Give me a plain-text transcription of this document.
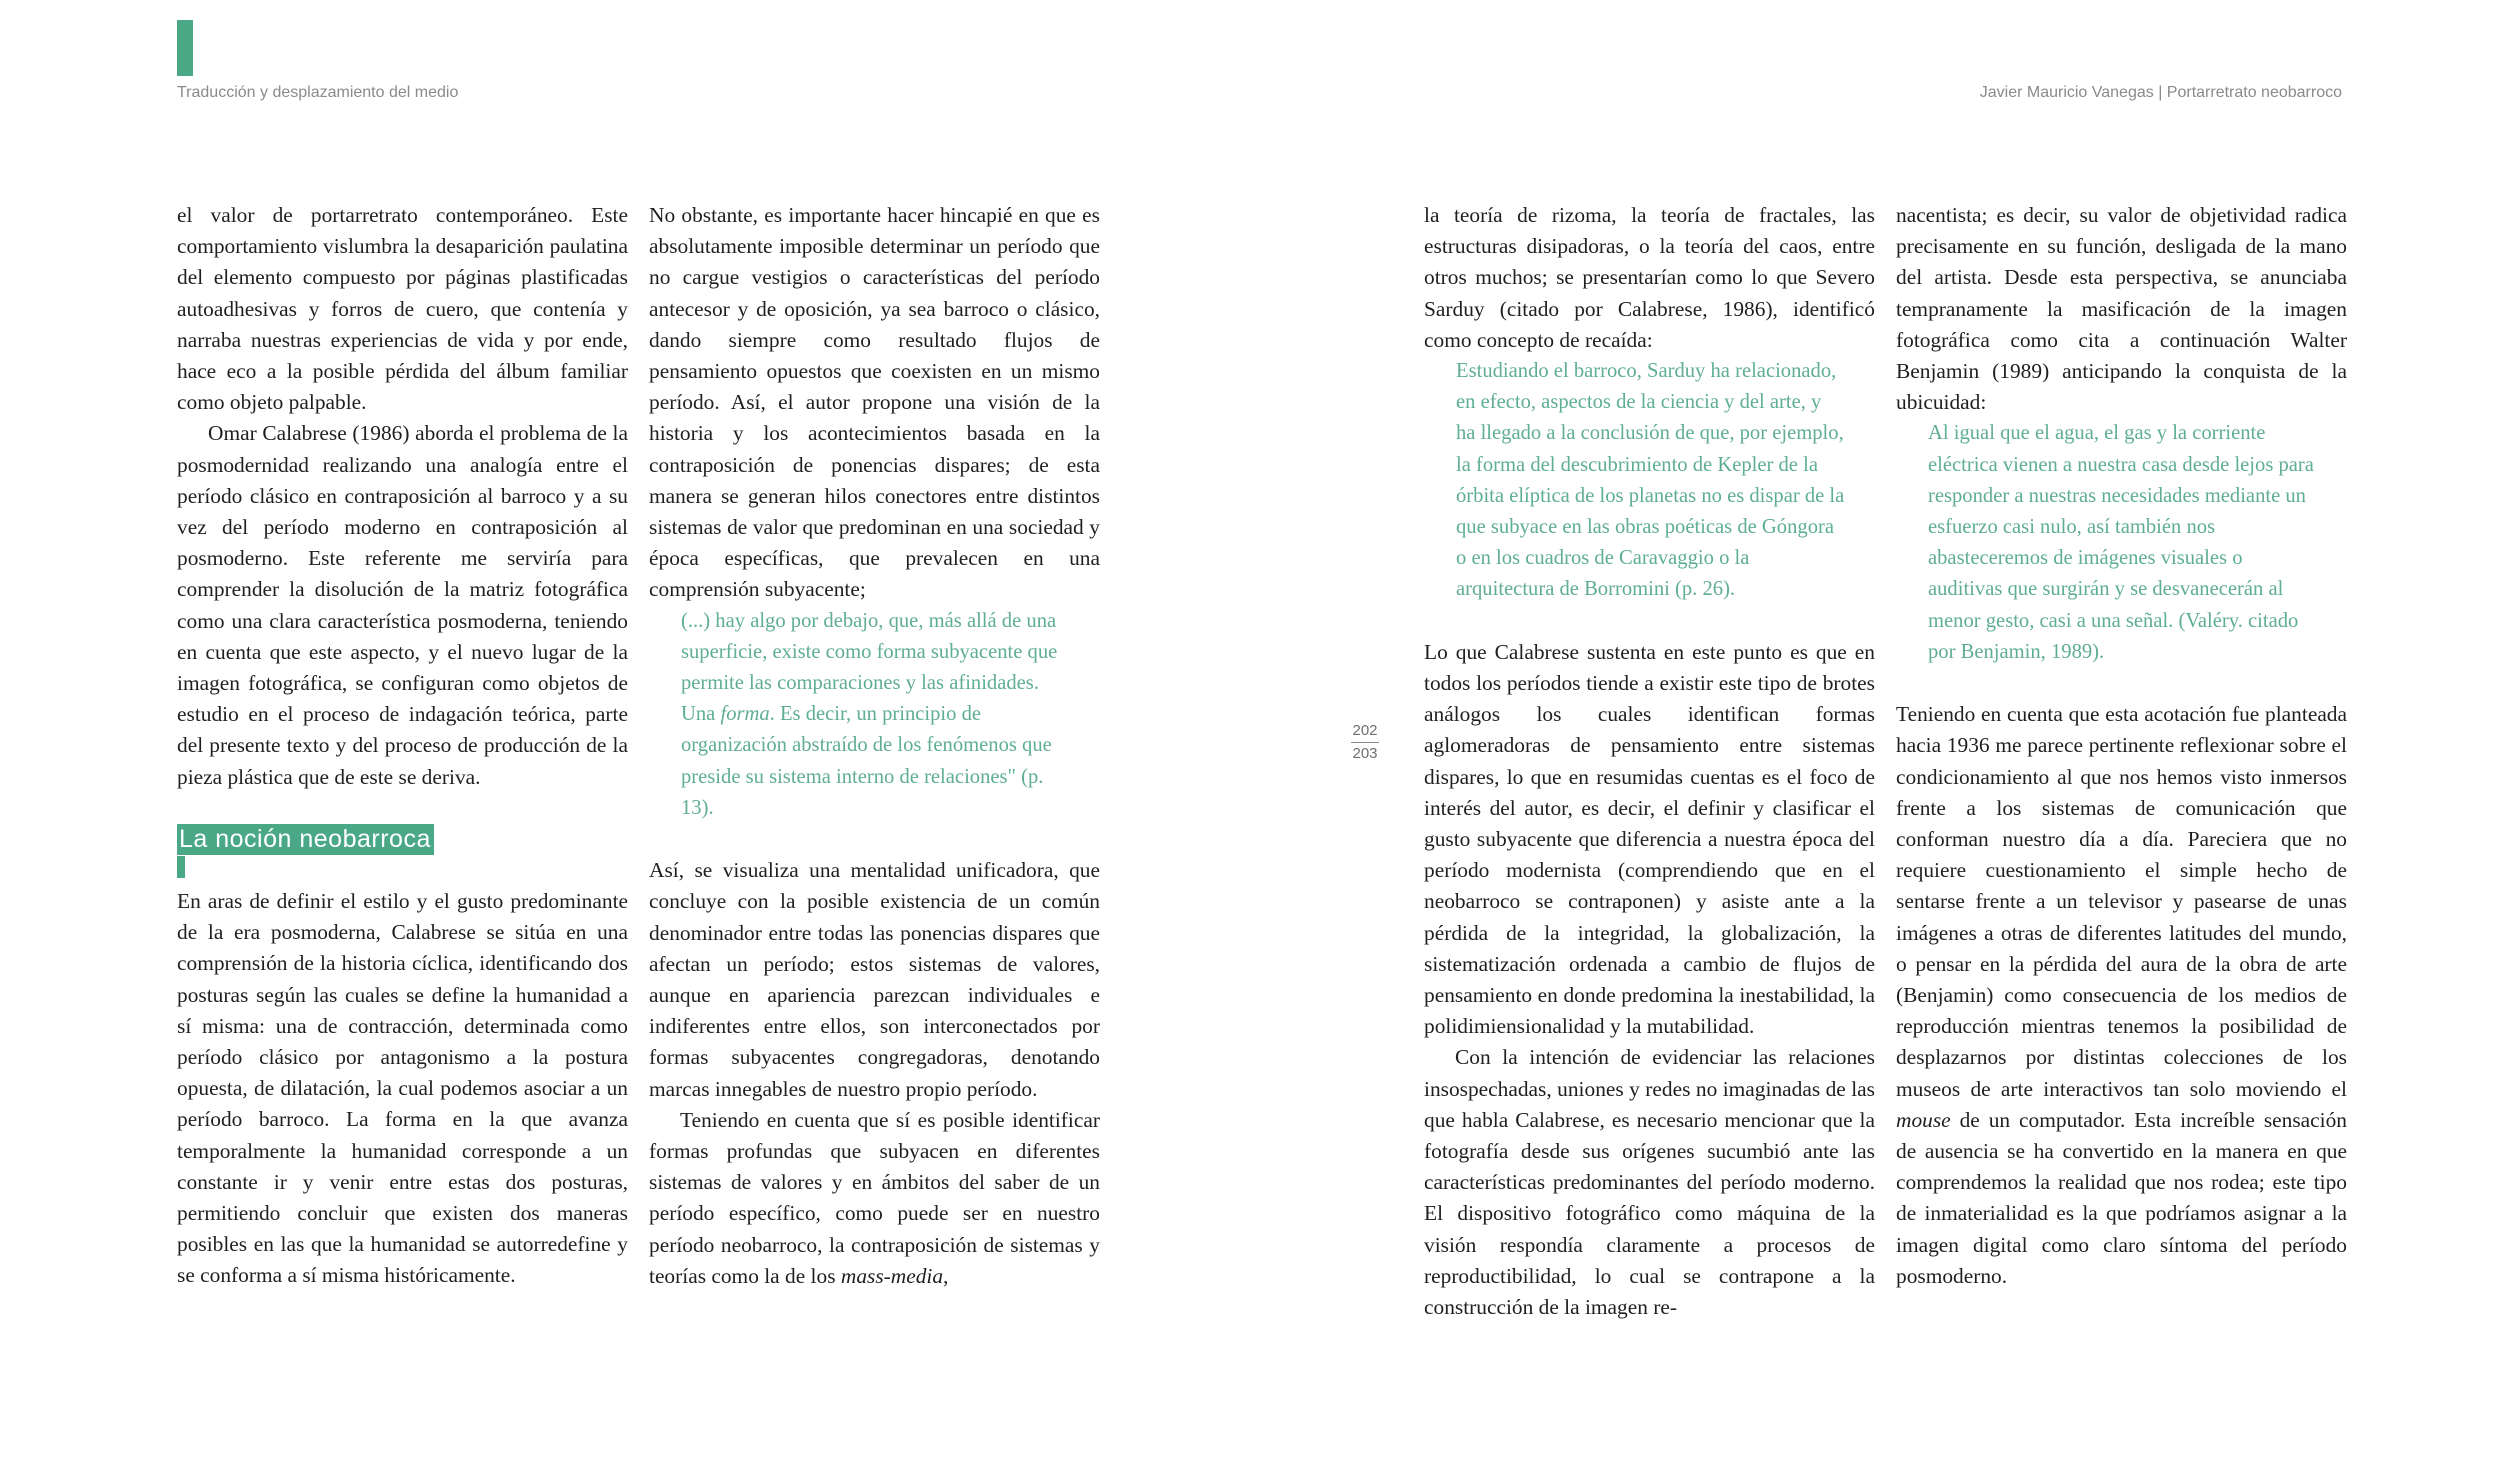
Traducción y desplazamiento del medio	Javier Mauricio Vanegas | Portarretrato neobarroco

el valor de portarretrato contemporáneo. Este comportamiento vislumbra la desaparición paulatina del elemento compuesto por páginas plastificadas autoadhesivas y forros de cuero, que contenía y narraba nuestras experiencias de vida y por ende, hace eco a la posible pérdida del álbum familiar como objeto palpable.

Omar Calabrese (1986) aborda el problema de la posmodernidad realizando una analogía entre el período clásico en contraposición al barroco y a su vez del período moderno en contraposición al posmoderno. Este referente me serviría para comprender la disolución de la matriz fotográfica como una clara característica posmoderna, teniendo en cuenta que este aspecto, y el nuevo lugar de la imagen fotográfica, se configuran como objetos de estudio en el proceso de indagación teórica, parte del presente texto y del proceso de producción de la pieza plástica que de este se deriva.

La noción neobarroca

En aras de definir el estilo y el gusto predominante de la era posmoderna, Calabrese se sitúa en una comprensión de la historia cíclica, identificando dos posturas según las cuales se define la humanidad a sí misma: una de contracción, determinada como período clásico por antagonismo a la postura opuesta, de dilatación, la cual podemos asociar a un período barroco. La forma en la que avanza temporalmente la humanidad corresponde a un constante ir y venir entre estas dos posturas, permitiendo concluir que existen dos maneras posibles en las que la humanidad se autorredefine y se conforma a sí misma históricamente.

No obstante, es importante hacer hincapié en que es absolutamente imposible determinar un período que no cargue vestigios o características del período antecesor y de oposición, ya sea barroco o clásico, dando siempre como resultado flujos de pensamiento opuestos que coexisten en un mismo período. Así, el autor propone una visión de la historia y los acontecimientos basada en la contraposición de ponencias dispares; de esta manera se generan hilos conectores entre distintos sistemas de valor que predominan en una sociedad y época específicas, que prevalecen en una comprensión subyacente;

(...) hay algo por debajo, que, más allá de una superficie, existe como forma subyacente que permite las comparaciones y las afinidades. Una forma. Es decir, un principio de organización abstraído de los fenómenos que preside su sistema interno de relaciones" (p. 13).

Así, se visualiza una mentalidad unificadora, que concluye con la posible existencia de un común denominador entre todas las ponencias dispares que afectan un período; estos sistemas de valores, aunque en apariencia parezcan individuales e indiferentes entre ellos, son interconectados por formas subyacentes congregadoras, denotando marcas innegables de nuestro propio período.

Teniendo en cuenta que sí es posible identificar formas profundas que subyacen en diferentes sistemas de valores y en ámbitos del saber de un período específico, como puede ser en nuestro período neobarroco, la contraposición de sistemas y teorías como la de los mass-media,

202
203

la teoría de rizoma, la teoría de fractales, las estructuras disipadoras, o la teoría del caos, entre otros muchos; se presentarían como lo que Severo Sarduy (citado por Calabrese, 1986), identificó como concepto de recaída:

Estudiando el barroco, Sarduy ha relacionado, en efecto, aspectos de la ciencia y del arte, y ha llegado a la conclusión de que, por ejemplo, la forma del descubrimiento de Kepler de la órbita elíptica de los planetas no es dispar de la que subyace en las obras poéticas de Góngora o en los cuadros de Caravaggio o la arquitectura de Borromini (p. 26).

Lo que Calabrese sustenta en este punto es que en todos los períodos tiende a existir este tipo de brotes análogos los cuales identifican formas aglomeradoras de pensamiento entre sistemas dispares, lo que en resumidas cuentas es el foco de interés del autor, es decir, el definir y clasificar el gusto subyacente que diferencia a nuestra época del período modernista (comprendiendo que en el neobarroco se contraponen) y asiste ante a la pérdida de la integridad, la globalización, la sistematización ordenada a cambio de flujos de pensamiento en donde predomina la inestabilidad, la polidimiensionalidad y la mutabilidad.

Con la intención de evidenciar las relaciones insospechadas, uniones y redes no imaginadas de las que habla Calabrese, es necesario mencionar que la fotografía desde sus orígenes sucumbió ante las características predominantes del período moderno. El dispositivo fotográfico como máquina de la visión respondía claramente a procesos de reproductibilidad, lo cual se contrapone a la construcción de la imagen re-

nacentista; es decir, su valor de objetividad radica precisamente en su función, desligada de la mano del artista. Desde esta perspectiva, se anunciaba tempranamente la masificación de la imagen fotográfica como cita a continuación Walter Benjamin (1989) anticipando la conquista de la ubicuidad:

Al igual que el agua, el gas y la corriente eléctrica vienen a nuestra casa desde lejos para responder a nuestras necesidades mediante un esfuerzo casi nulo, así también nos abasteceremos de imágenes visuales o auditivas que surgirán y se desvanecerán al menor gesto, casi a una señal. (Valéry. citado por Benjamin, 1989).

Teniendo en cuenta que esta acotación fue planteada hacia 1936 me parece pertinente reflexionar sobre el condicionamiento al que nos hemos visto inmersos frente a los sistemas de comunicación que conforman nuestro día a día. Pareciera que no requiere cuestionamiento el simple hecho de sentarse frente a un televisor y pasearse de unas imágenes a otras de diferentes latitudes del mundo, o pensar en la pérdida del aura de la obra de arte (Benjamin) como consecuencia de los medios de reproducción mientras tenemos la posibilidad de desplazarnos por distintas colecciones de los museos de arte interactivos tan solo moviendo el mouse de un computador. Esta increíble sensación de ausencia se ha convertido en la manera en que comprendemos la realidad que nos rodea; este tipo de inmaterialidad es la que podríamos asignar a la imagen digital como claro síntoma del período posmoderno.
